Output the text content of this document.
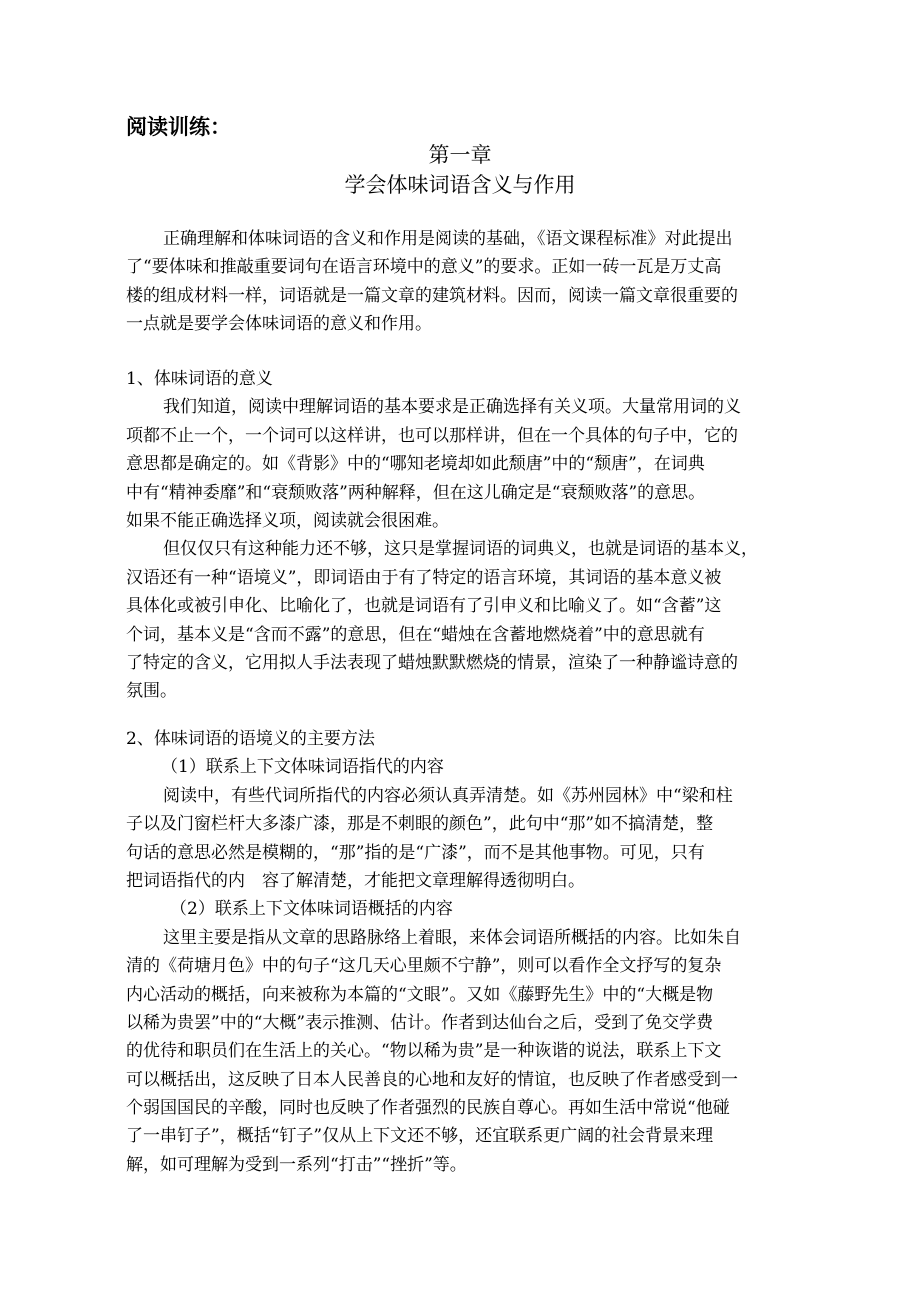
阅读训练：
第一章
学会体味词语含义与作用
正确理解和体味词语的含义和作用是阅读的基础，《语文课程标准》对此提出
了“要体味和推敲重要词句在语言环境中的意义”的要求。正如一砖一瓦是万丈高
楼的组成材料一样，词语就是一篇文章的建筑材料。因而，阅读一篇文章很重要的
一点就是要学会体味词语的意义和作用。
1、体味词语的意义
我们知道，阅读中理解词语的基本要求是正确选择有关义项。大量常用词的义
项都不止一个，一个词可以这样讲，也可以那样讲，但在一个具体的句子中，它的
意思都是确定的。如《背影》中的“哪知老境却如此颓唐”中的“颓唐”，在词典
中有“精神委靡”和“衰颓败落”两种解释，但在这儿确定是“衰颓败落”的意思。
如果不能正确选择义项，阅读就会很困难。
但仅仅只有这种能力还不够，这只是掌握词语的词典义，也就是词语的基本义，
汉语还有一种“语境义”，即词语由于有了特定的语言环境，其词语的基本意义被
具体化或被引申化、比喻化了，也就是词语有了引申义和比喻义了。如“含蓄”这
个词，基本义是“含而不露”的意思，但在“蜡烛在含蓄地燃烧着”中的意思就有
了特定的含义，它用拟人手法表现了蜡烛默默燃烧的情景，渲染了一种静谧诗意的
氛围。
2、体味词语的语境义的主要方法
（1）联系上下文体味词语指代的内容
阅读中，有些代词所指代的内容必须认真弄清楚。如《苏州园林》中“梁和柱
子以及门窗栏杆大多漆广漆，那是不刺眼的颜色”，此句中“那”如不搞清楚，整
句话的意思必然是模糊的，“那”指的是“广漆”，而不是其他事物。可见，只有
把词语指代的内　容了解清楚，才能把文章理解得透彻明白。
（2）联系上下文体味词语概括的内容
这里主要是指从文章的思路脉络上着眼，来体会词语所概括的内容。比如朱自
清的《荷塘月色》中的句子“这几天心里颇不宁静”，则可以看作全文抒写的复杂
内心活动的概括，向来被称为本篇的“文眼”。又如《藤野先生》中的“大概是物
以稀为贵罢”中的“大概”表示推测、估计。作者到达仙台之后，受到了免交学费
的优待和职员们在生活上的关心。“物以稀为贵”是一种诙谐的说法，联系上下文
可以概括出，这反映了日本人民善良的心地和友好的情谊，也反映了作者感受到一
个弱国国民的辛酸，同时也反映了作者强烈的民族自尊心。再如生活中常说“他碰
了一串钉子”，概括“钉子”仅从上下文还不够，还宜联系更广阔的社会背景来理
解，如可理解为受到一系列“打击”“挫折”等。
